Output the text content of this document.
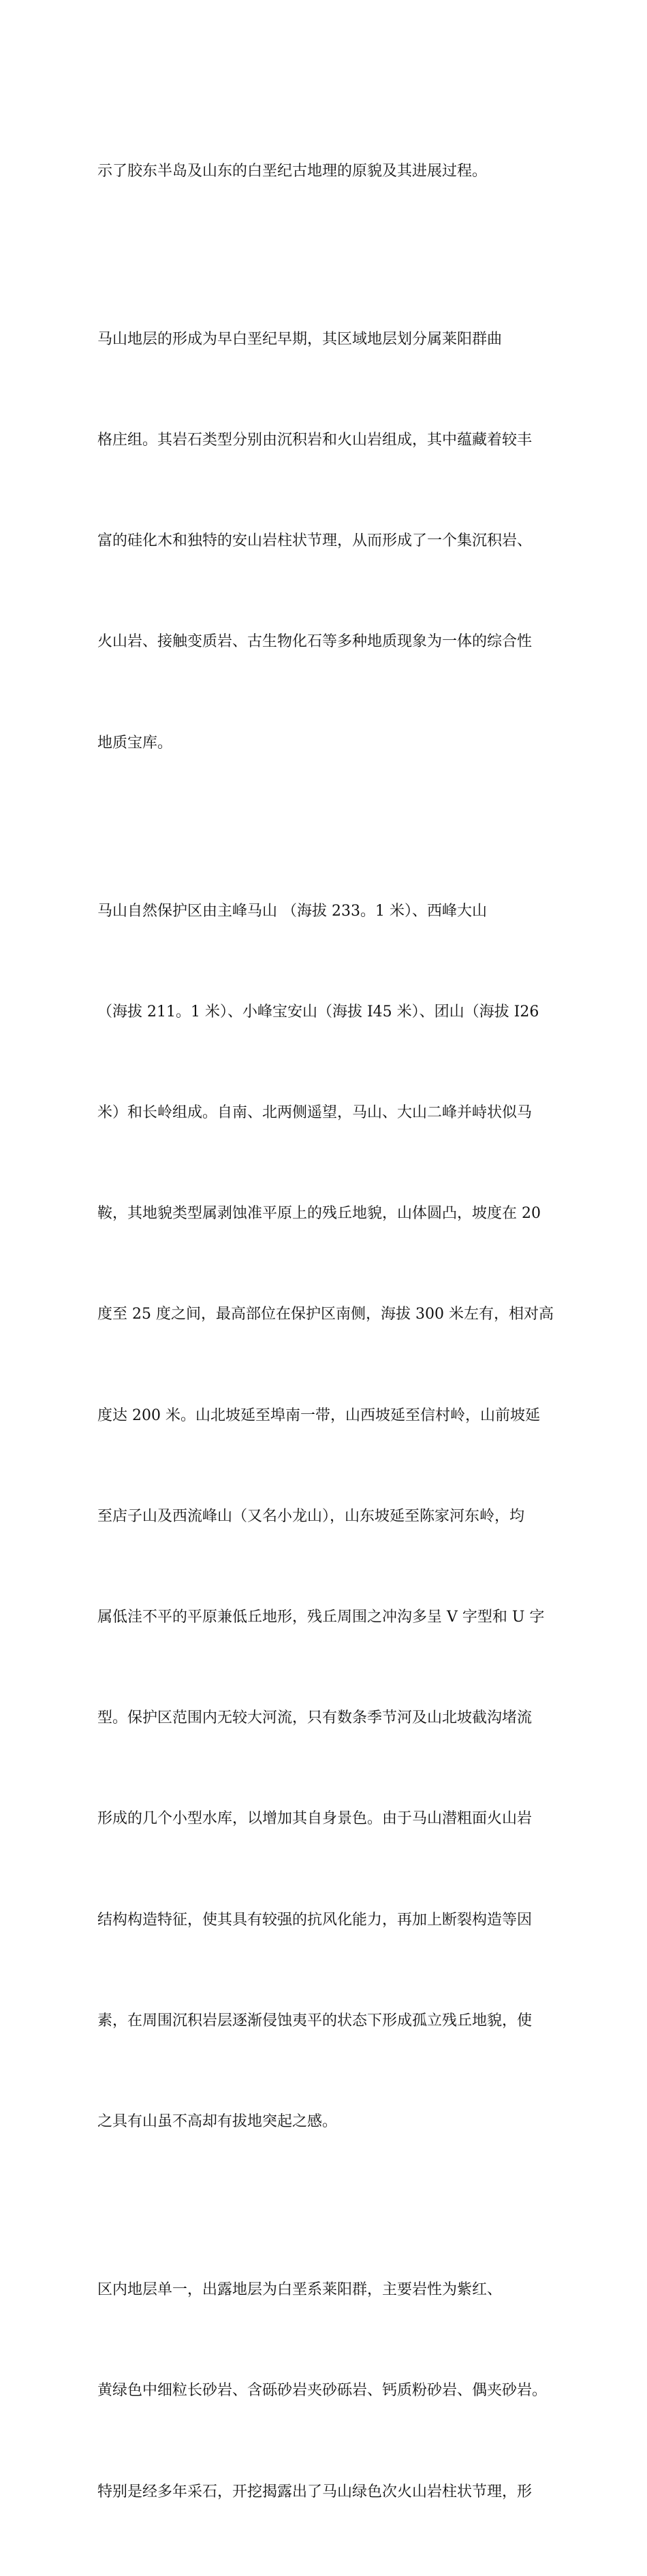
示了胶东半岛及山东的白垩纪古地理的原貌及其进展过程。

马山地层的形成为早白垩纪早期，其区域地层划分属莱阳群曲

格庄组。其岩石类型分别由沉积岩和火山岩组成，其中蕴藏着较丰

富的硅化木和独特的安山岩柱状节理，从而形成了一个集沉积岩、

火山岩、接触变质岩、古生物化石等多种地质现象为一体的综合性

地质宝库。

马山自然保护区由主峰马山 （海拔 233。1 米）、西峰大山

（海拔 211。1 米）、小峰宝安山（海拔 I45 米）、团山（海拔 I26

米）和长岭组成。自南、北两侧遥望，马山、大山二峰并峙状似马

鞍，其地貌类型属剥蚀准平原上的残丘地貌，山体圆凸，坡度在 20

度至 25 度之间，最高部位在保护区南侧，海拔 300 米左有，相对高

度达 200 米。山北坡延至埠南一带，山西坡延至信村岭，山前坡延

至店子山及西流峰山（又名小龙山），山东坡延至陈家河东岭，均

属低洼不平的平原兼低丘地形，残丘周围之冲沟多呈 V 字型和 U 字

型。保护区范围内无较大河流，只有数条季节河及山北坡截沟堵流

形成的几个小型水库，以增加其自身景色。由于马山潜粗面火山岩

结构构造特征，使其具有较强的抗风化能力，再加上断裂构造等因

素，在周围沉积岩层逐渐侵蚀夷平的状态下形成孤立残丘地貌，使

之具有山虽不高却有拔地突起之感。

区内地层单一，出露地层为白垩系莱阳群，主要岩性为紫红、

黄绿色中细粒长砂岩、含砾砂岩夹砂砾岩、钙质粉砂岩、偶夹砂岩。

特别是经多年采石，开挖揭露出了马山绿色次火山岩柱状节理，形
